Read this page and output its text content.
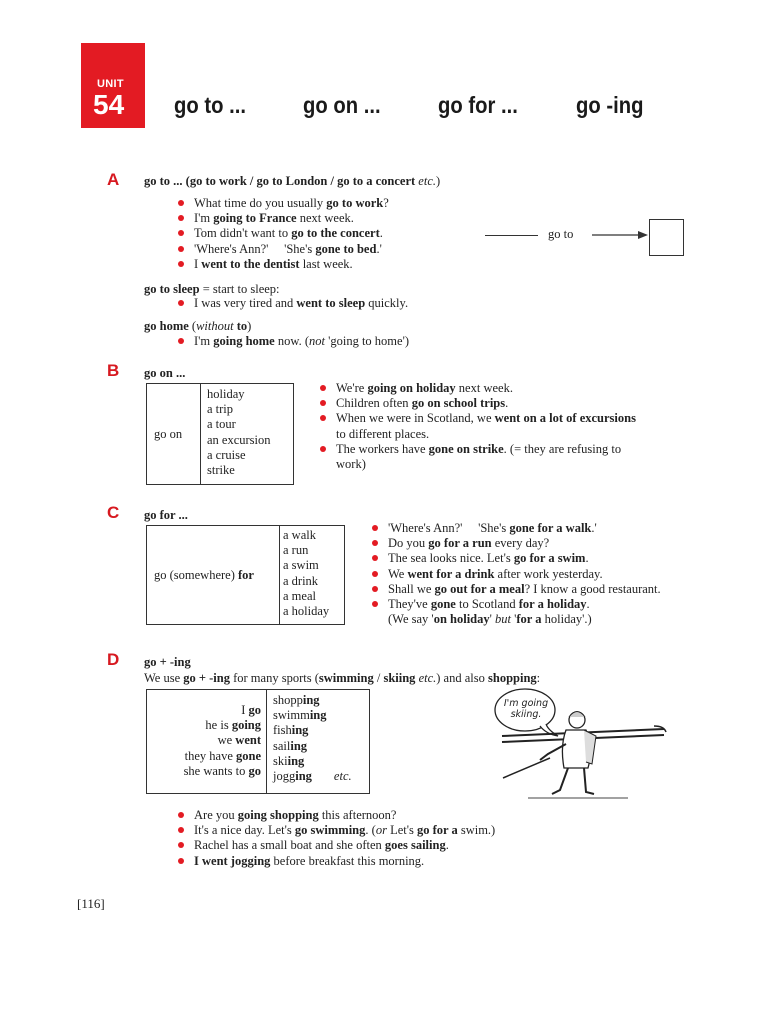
UNIT
54 go to ... go on ... go for ...	go -ing
A go to ... (go to work / go to London / go to a concert etc.)
What time do you usually go to work?
I'm going to France next week.
Tom didn't want to go to the concert.
'Where's Ann?'     'She's gone to bed.'
I went to the dentist last week.
go to
go to sleep = start to sleep:
I was very tired and went to sleep quickly.
go home (without to)
I'm going home now. (not 'going to home')
B go on ...
go on
holiday
a trip
a tour
an excursion
a cruise
strike
We're going on holiday next week.
Children often go on school trips.
When we were in Scotland, we went on a lot of excursions
to different places.
The workers have gone on strike. (= they are refusing to
work)
C go for ...
go (somewhere) for
a walk
a run
a swim
a drink
a meal
a holiday
'Where's Ann?'     'She's gone for a walk.'
Do you go for a run every day?
The sea looks nice. Let's go for a swim.
We went for a drink after work yesterday.
Shall we go out for a meal? I know a good restaurant.
They've gone to Scotland for a holiday.
(We say 'on holiday' but 'for a holiday'.)
D go + -ing
We use go + -ing for many sports (swimming / skiing etc.) and also shopping:
I go
he is going
we went
they have gone
she wants to go
shopping
swimming
fishing
sailing
skiing
jogging etc.
I'm going skiing.
Are you going shopping this afternoon?
It's a nice day. Let's go swimming. (or Let's go for a swim.)
Rachel has a small boat and she often goes sailing.
I went jogging before breakfast this morning.
[116]
